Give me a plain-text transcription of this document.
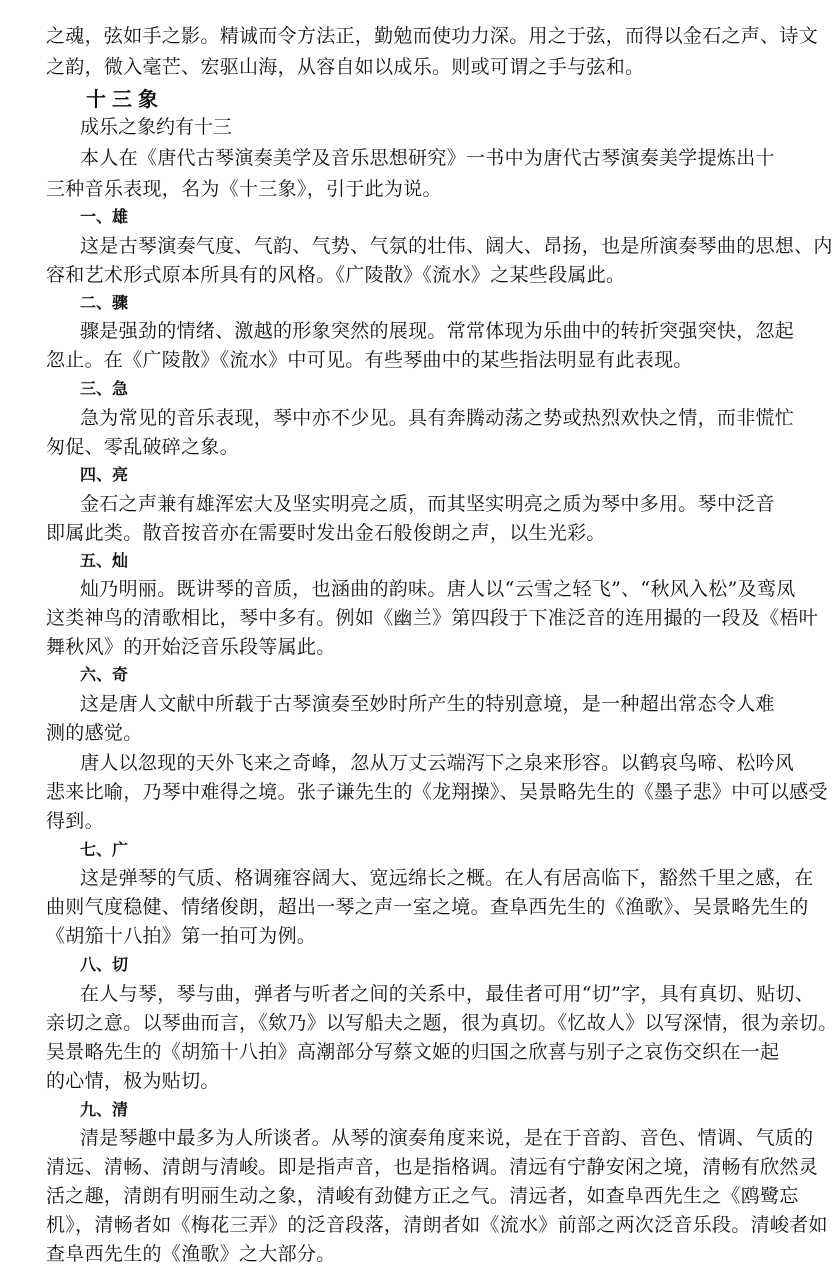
之魂，弦如手之影。精诚而令方法正，勤勉而使功力深。用之于弦，而得以金石之声、诗文
之韵，微入毫芒、宏驱山海，从容自如以成乐。则或可谓之手与弦和。
十三象
成乐之象约有十三
本人在《唐代古琴演奏美学及音乐思想研究》一书中为唐代古琴演奏美学提炼出十
三种音乐表现，名为《十三象》，引于此为说。
一、雄
这是古琴演奏气度、气韵、气势、气氛的壮伟、阔大、昂扬，也是所演奏琴曲的思想、内
容和艺术形式原本所具有的风格。《广陵散》《流水》之某些段属此。
二、骤
骤是强劲的情绪、激越的形象突然的展现。常常体现为乐曲中的转折突强突快，忽起
忽止。在《广陵散》《流水》中可见。有些琴曲中的某些指法明显有此表现。
三、急
急为常见的音乐表现，琴中亦不少见。具有奔腾动荡之势或热烈欢快之情，而非慌忙
匆促、零乱破碎之象。
四、亮
金石之声兼有雄浑宏大及坚实明亮之质，而其坚实明亮之质为琴中多用。琴中泛音
即属此类。散音按音亦在需要时发出金石般俊朗之声，以生光彩。
五、灿
灿乃明丽。既讲琴的音质，也涵曲的韵味。唐人以“云雪之轻飞”、“秋风入松”及鸾凤
这类神鸟的清歌相比，琴中多有。例如《幽兰》第四段于下准泛音的连用撮的一段及《梧叶
舞秋风》的开始泛音乐段等属此。
六、奇
这是唐人文献中所载于古琴演奏至妙时所产生的特别意境，是一种超出常态令人难
测的感觉。
唐人以忽现的天外飞来之奇峰，忽从万丈云端泻下之泉来形容。以鹤哀鸟啼、松吟风
悲来比喻，乃琴中难得之境。张子谦先生的《龙翔操》、吴景略先生的《墨子悲》中可以感受
得到。
七、广
这是弹琴的气质、格调雍容阔大、宽远绵长之概。在人有居高临下，豁然千里之感，在
曲则气度稳健、情绪俊朗，超出一琴之声一室之境。查阜西先生的《渔歌》、吴景略先生的
《胡笳十八拍》第一拍可为例。
八、切
在人与琴，琴与曲，弹者与听者之间的关系中，最佳者可用“切”字，具有真切、贴切、
亲切之意。以琴曲而言，《欸乃》以写船夫之题，很为真切。《忆故人》以写深情，很为亲切。
吴景略先生的《胡笳十八拍》高潮部分写蔡文姬的归国之欣喜与别子之哀伤交织在一起
的心情，极为贴切。
九、清
清是琴趣中最多为人所谈者。从琴的演奏角度来说，是在于音韵、音色、情调、气质的
清远、清畅、清朗与清峻。即是指声音，也是指格调。清远有宁静安闲之境，清畅有欣然灵
活之趣，清朗有明丽生动之象，清峻有劲健方正之气。清远者，如查阜西先生之《鸥鹭忘
机》，清畅者如《梅花三弄》的泛音段落，清朗者如《流水》前部之两次泛音乐段。清峻者如
查阜西先生的《渔歌》之大部分。
